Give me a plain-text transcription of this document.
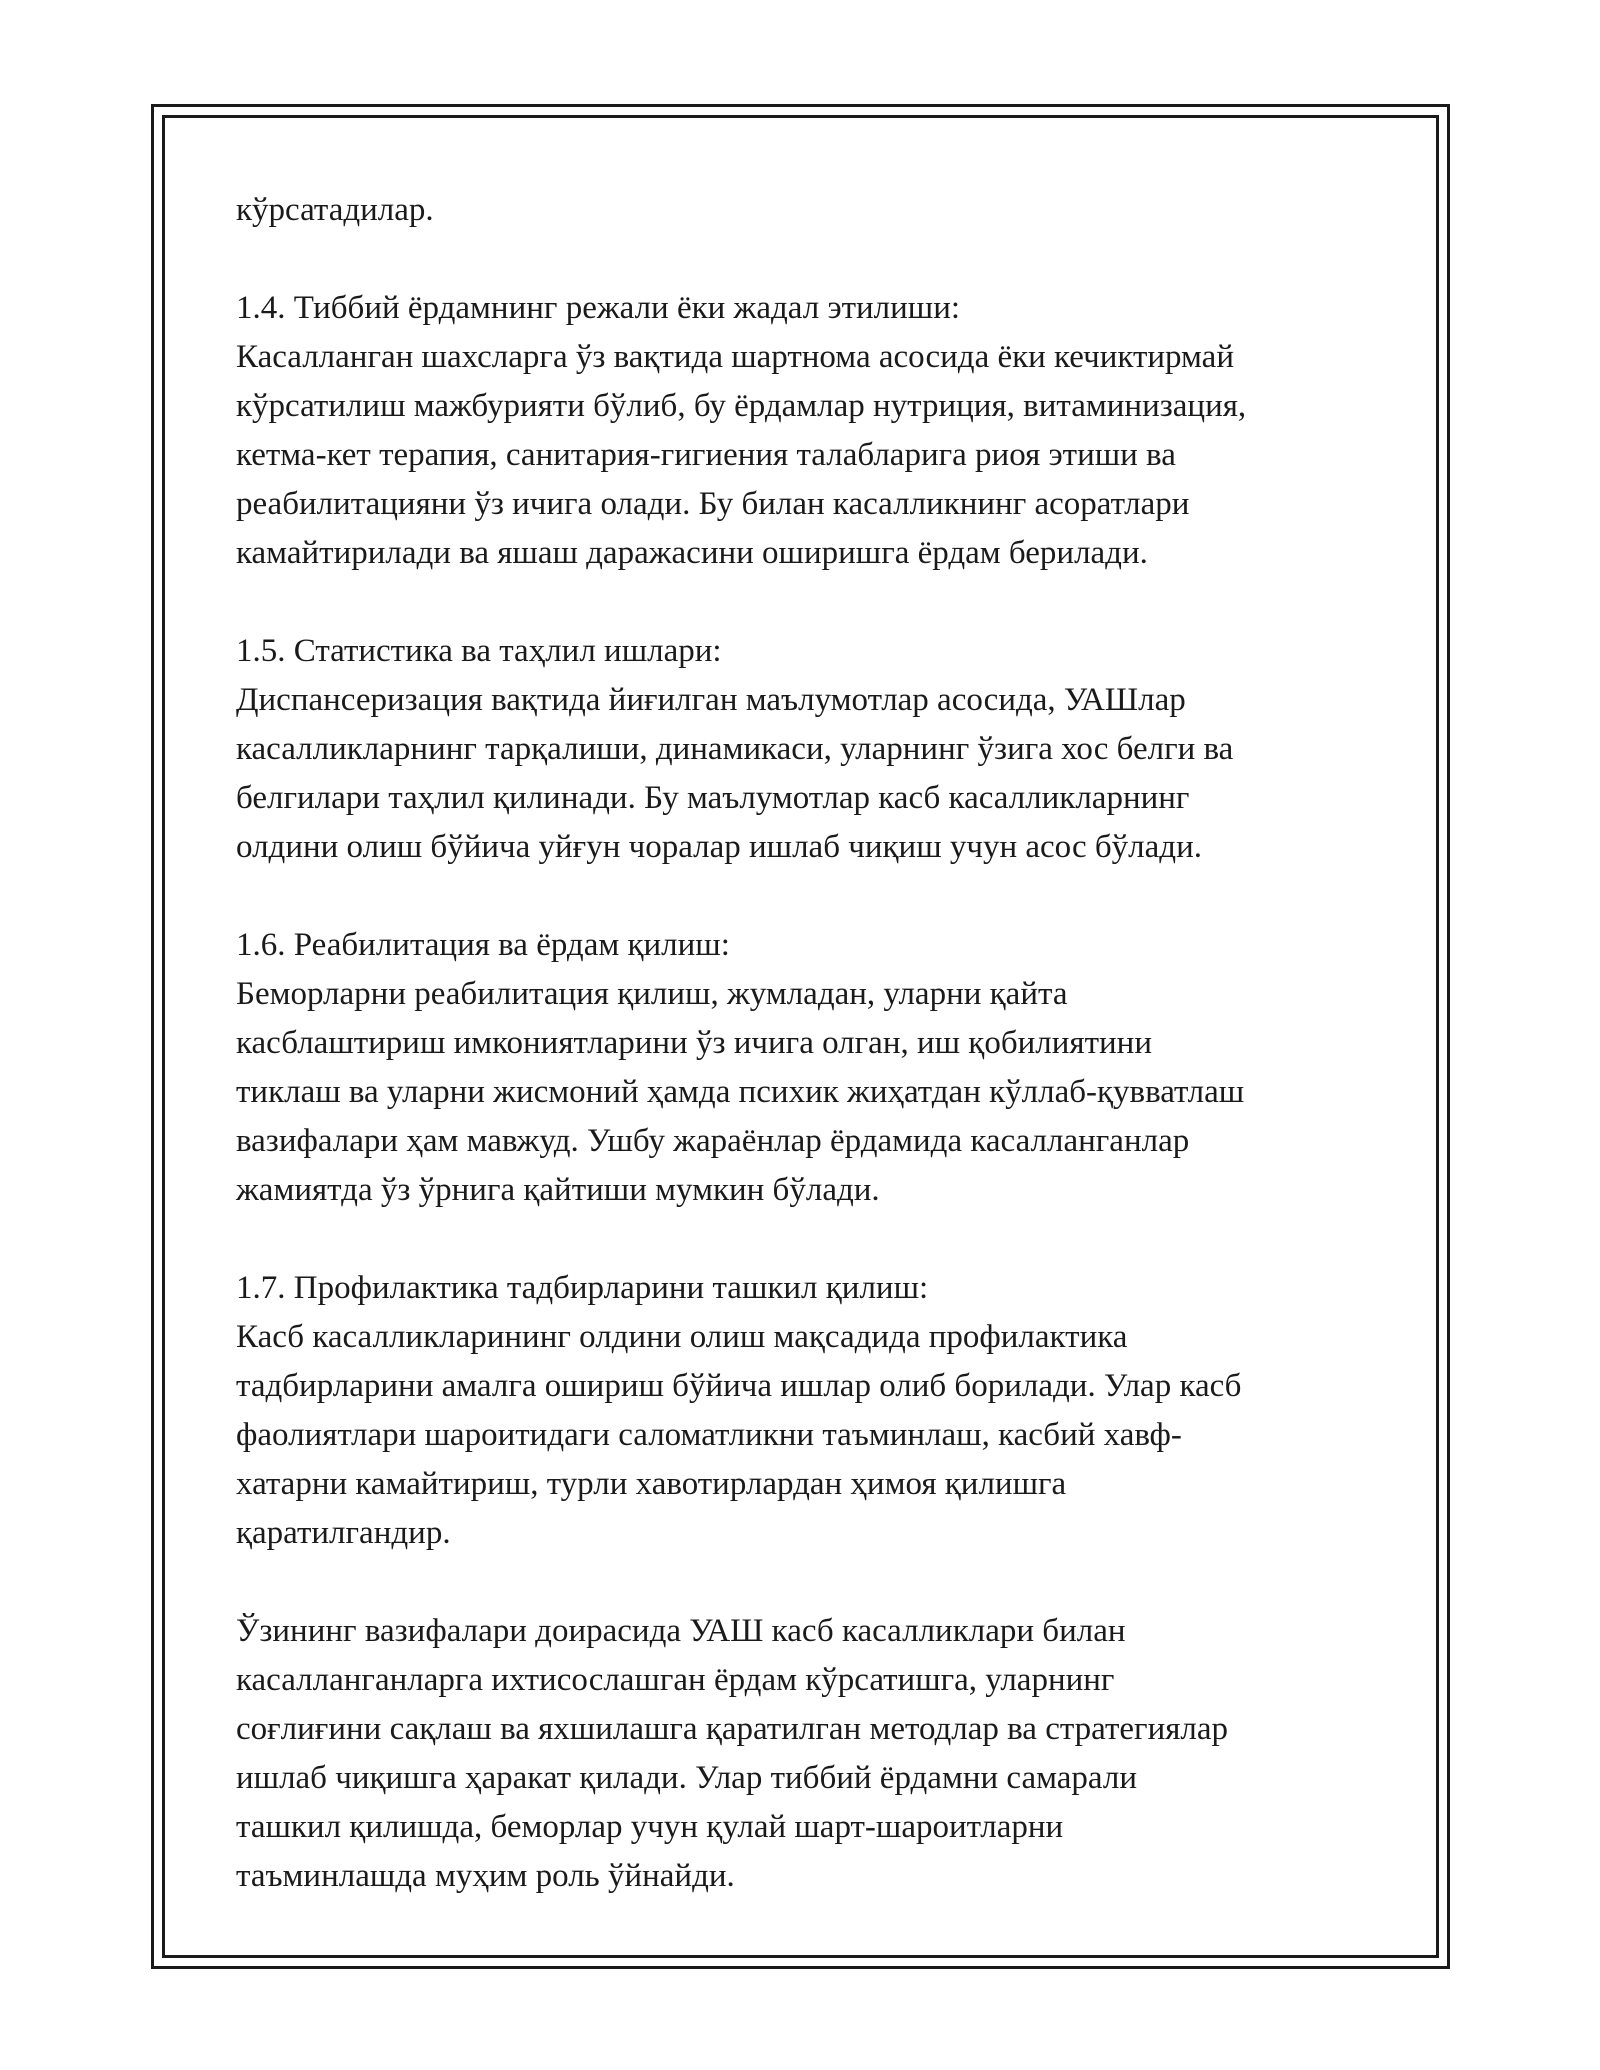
кўрсатадилар.

1.4. Тиббий ёрдамнинг режали ёки жадал этилиши:
Касалланган шахсларга ўз вақтида шартнома асосида ёки кечиктирмай
кўрсатилиш мажбурияти бўлиб, бу ёрдамлар нутриция, витаминизация,
кетма-кет терапия, санитария-гигиения талабларига риоя этиши ва
реабилитацияни ўз ичига олади. Бу билан касалликнинг асоратлари
камайтирилади ва яшаш даражасини оширишга ёрдам берилади.

1.5. Статистика ва таҳлил ишлари:
Диспансеризация вақтида йиғилган маълумотлар асосида, УАШлар
касалликларнинг тарқалиши, динамикаси, уларнинг ўзига хос белги ва
белгилари таҳлил қилинади. Бу маълумотлар касб касалликларнинг
олдини олиш бўйича уйғун чоралар ишлаб чиқиш учун асос бўлади.

1.6. Реабилитация ва ёрдам қилиш:
Беморларни реабилитация қилиш, жумладан, уларни қайта
касблаштириш имкониятларини ўз ичига олган, иш қобилиятини
тиклаш ва уларни жисмоний ҳамда психик жиҳатдан кўллаб-қувватлаш
вазифалари ҳам мавжуд. Ушбу жараёнлар ёрдамида касалланганлар
жамиятда ўз ўрнига қайтиши мумкин бўлади.

1.7. Профилактика тадбирларини ташкил қилиш:
Касб касалликларининг олдини олиш мақсадида профилактика
тадбирларини амалга ошириш бўйича ишлар олиб борилади. Улар касб
фаолиятлари шароитидаги саломатликни таъминлаш, касбий хавф-
хатарни камайтириш, турли хавотирлардан ҳимоя қилишга
қаратилгандир.

Ўзининг вазифалари доирасида УАШ касб касалликлари билан
касалланганларга ихтисослашган ёрдам кўрсатишга, уларнинг
соғлиғини сақлаш ва яхшилашга қаратилган методлар ва стратегиялар
ишлаб чиқишга ҳаракат қилади. Улар тиббий ёрдамни самарали
ташкил қилишда, беморлар учун қулай шарт-шароитларни
таъминлашда муҳим роль ўйнайди.
